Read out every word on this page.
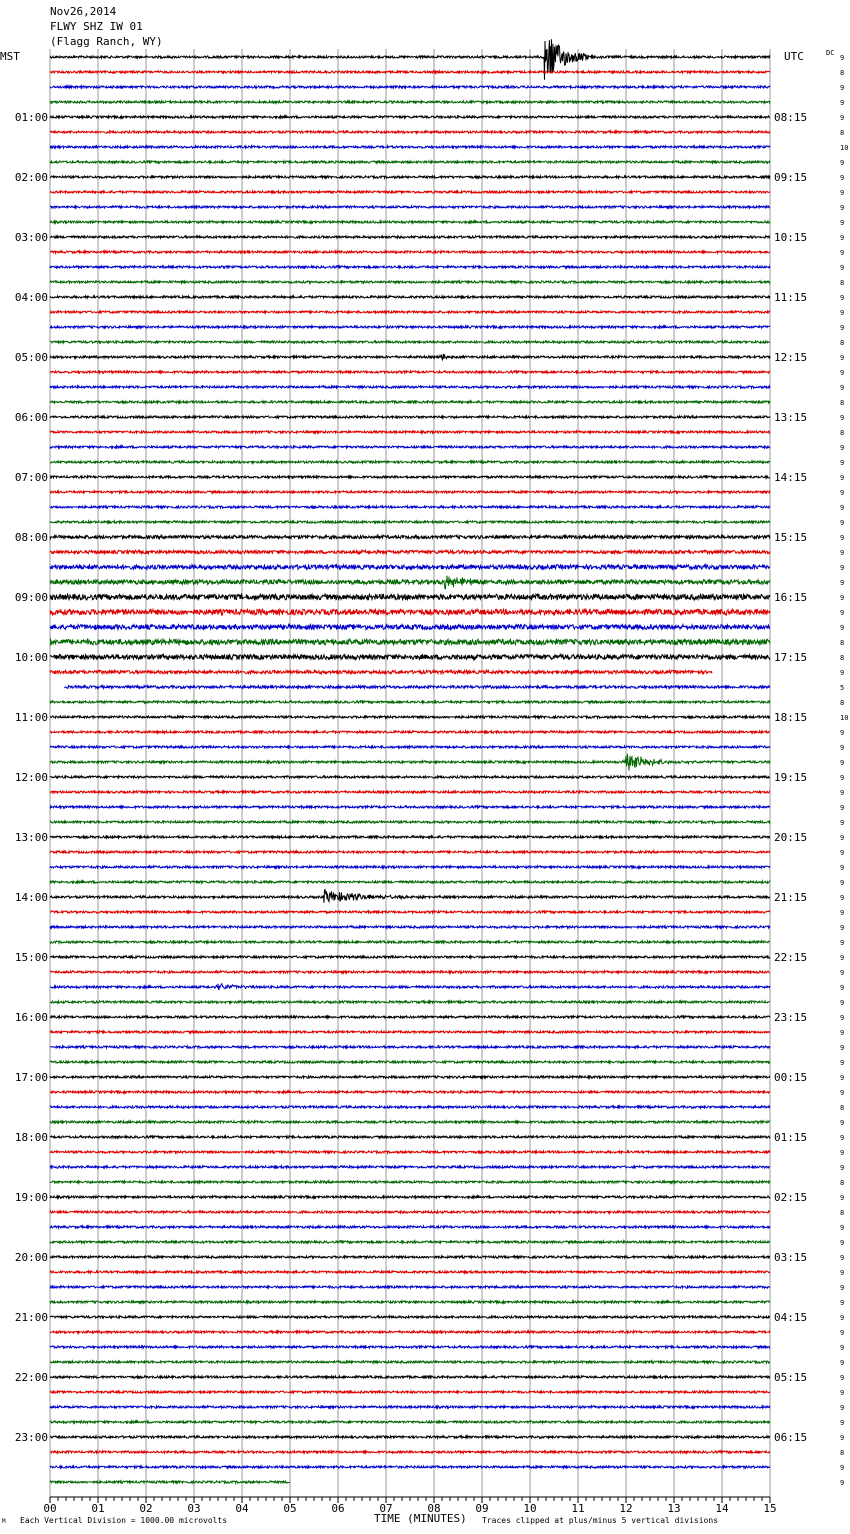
9
8
9
9
9
8
10
9
9
9
9
9
9
9
9
8
9
9
9
8
9
9
9
8
9
8
9
9
9
9
9
9
9
9
9
9
9
9
9
8
8
9
5
8
10
9
9
9
9
9
9
9
9
9
9
9
9
9
9
9
9
9
9
9
9
9
9
9
9
9
8
9
9
9
9
8
9
8
9
9
9
9
9
9
9
9
9
9
9
9
9
9
9
8
9
9
01:00
02:00
03:00
04:00
05:00
06:00
07:00
08:00
09:00
10:00
11:00
12:00
13:00
14:00
15:00
16:00
17:00
18:00
19:00
20:00
21:00
22:00
23:00
08:15
09:15
10:15
11:15
12:15
13:15
14:15
15:15
16:15
17:15
18:15
19:15
20:15
21:15
22:15
23:15
00:15
01:15
02:15
03:15
04:15
05:15
06:15
00	01	02	03	04	05	06	07	08	09	10	11	12	13	14	15
Nov26,2014
FLWY SHZ IW 01
(Flagg Ranch, WY)
MST	UTC	DC
M Each Vertical Division = 1000.00 microvolts	Traces clipped at plus/minus 5 vertical divisions
TIME (MINUTES)
